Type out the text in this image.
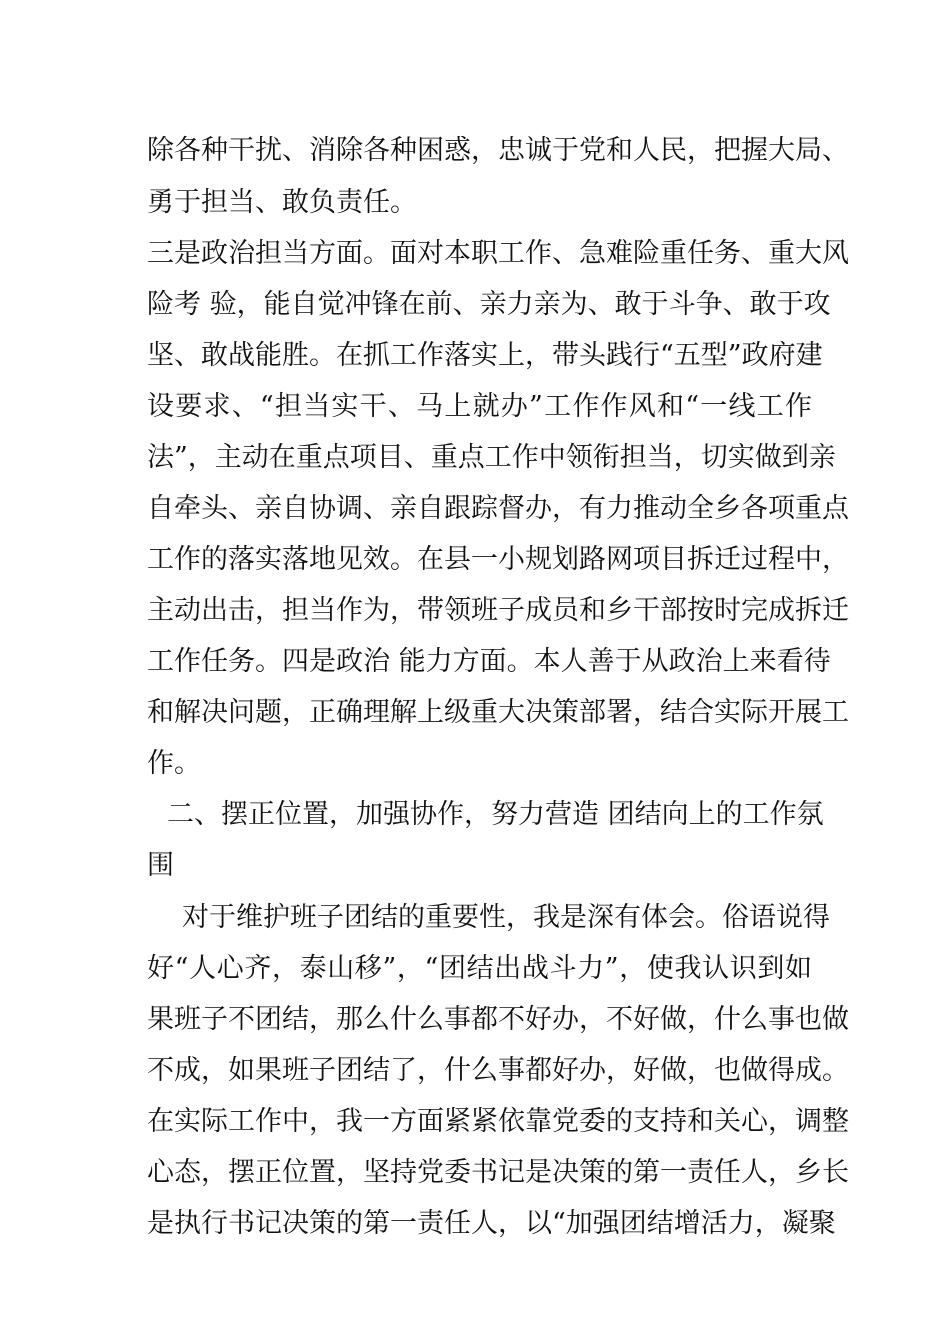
除各种干扰、消除各种困惑，忠诚于党和人民，把握大局、
勇于担当、敢负责任。
三是政治担当方面。面对本职工作、急难险重任务、重大风
险考 验，能自觉冲锋在前、亲力亲为、敢于斗争、敢于攻
坚、敢战能胜。在抓工作落实上，带头践行“五型”政府建
设要求、“担当实干、马上就办”工作作风和“一线工作
法”，主动在重点项目、重点工作中领衔担当，切实做到亲
自牵头、亲自协调、亲自跟踪督办，有力推动全乡各项重点
工作的落实落地见效。在县一小规划路网项目拆迁过程中，
主动出击，担当作为，带领班子成员和乡干部按时完成拆迁
工作任务。四是政治 能力方面。本人善于从政治上来看待
和解决问题，正确理解上级重大决策部署，结合实际开展工
作。
二、摆正位置，加强协作，努力营造 团结向上的工作氛
围
对于维护班子团结的重要性，我是深有体会。俗语说得
好“人心齐，泰山移”，“团结出战斗力”，使我认识到如
果班子不团结，那么什么事都不好办，不好做，什么事也做
不成，如果班子团结了，什么事都好办，好做，也做得成。
在实际工作中，我一方面紧紧依靠党委的支持和关心，调整
心态，摆正位置，坚持党委书记是决策的第一责任人，乡长
是执行书记决策的第一责任人，以“加强团结增活力，凝聚
